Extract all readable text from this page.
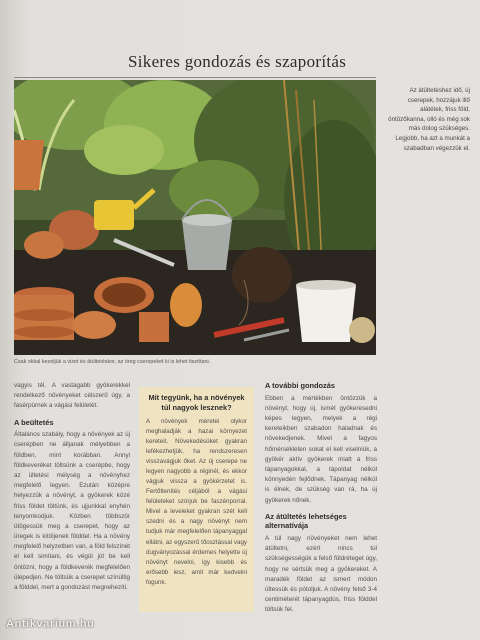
Sikeres gondozás és szaporítás
Csak okkal kezeljük a vizet és átültetéskor, az öreg cserepeket ki is lehet tisztítani.
Az átültetéshez idő, új cserepek, hozzájuk illő alátétek, friss föld, öntözőkanna, olló és még sok más dolog szükséges. Legjobb, ha azt a munkát a szabadban végezzük el.

vagyis tél. A vastagabb gyökerekkel rendelkező növényeket célszerű úgy, a fasérpürnek a vágási felületét.

A beültetés

Általános szabály, hogy a növények az új cserépben ne álljanak mélyebben a földben, mint korábban. Annyi földkeveréket töltsünk a cserépbe, hogy az ültetési mélység a növényhez megfelelő legyen. Ezután középre helyezzük a növényt, a gyökerek közé friss földet töltünk, és ujjunkkal enyhén lenyomkodjuk. Közben többször ütögessük meg a cserepet, hogy az üregek is kitöljenek földdel. Ha a növény megfelelő helyzetben van, a föld felszínét el kell simítani, és végül jól be kell öntözni, hogy a földkeverék megfelelően ülepedjen. Ne töltsük a cserepet színültig a földdel, mert a gondozást megnehezíti.

Mit tegyünk, ha a növények túl nagyok lesznek?

A növények méretei olykor meghaladják a hazai környezet kereteit. Növekedésüket gyakran lefékezhetjük, ha rendszeresen visszavágjuk őket. Az új cserepe ne legyen nagyobb a réginél, és ekkor vágjuk vissza a gyökérzetet is. Fertőtlenítés céljából a vágási felületeket szórjuk be faszénporral. Mivel a leveleket gyakran szét kell szedni és a nagy növényt nem tudjuk már megfelelően tápanyaggal ellátni, az egyszerű tőosztással vagy dugványozással érdemes helyette új növényt nevelni, így kisebb és erősebb lesz, amit már kedvelni fogunk.

A további gondozás

Ebben a mértékben öntözzük a növényt, hogy új, ismét gyökeresedni képes legyen, melyek a régi kereteikben szabadon haladnak és növekedjenek. Mivel a fagyos hőmérsékleten sokat el kell viselniük, a gyökér aktív gyökerek miatt a friss tápanyagokkal, a tápoldat nélkül könnyedén fejlődnek. Tápanyag nélkül is élnek, de szükség van rá, ha új gyökerek nőnek.

Az átültetés lehetséges alternatívája

A túl nagy növényeket nem lehet átültetni, ezért nincs túl szükségességük a felső földréteget úgy, hogy ne sértsük meg a gyökereket. A maradék földet az ismert módon ültessük és pótoljuk. A növény felső 3-4 centiméterét tápanyagdús, friss földdel töltsük fel.

Antikvarium.hu
